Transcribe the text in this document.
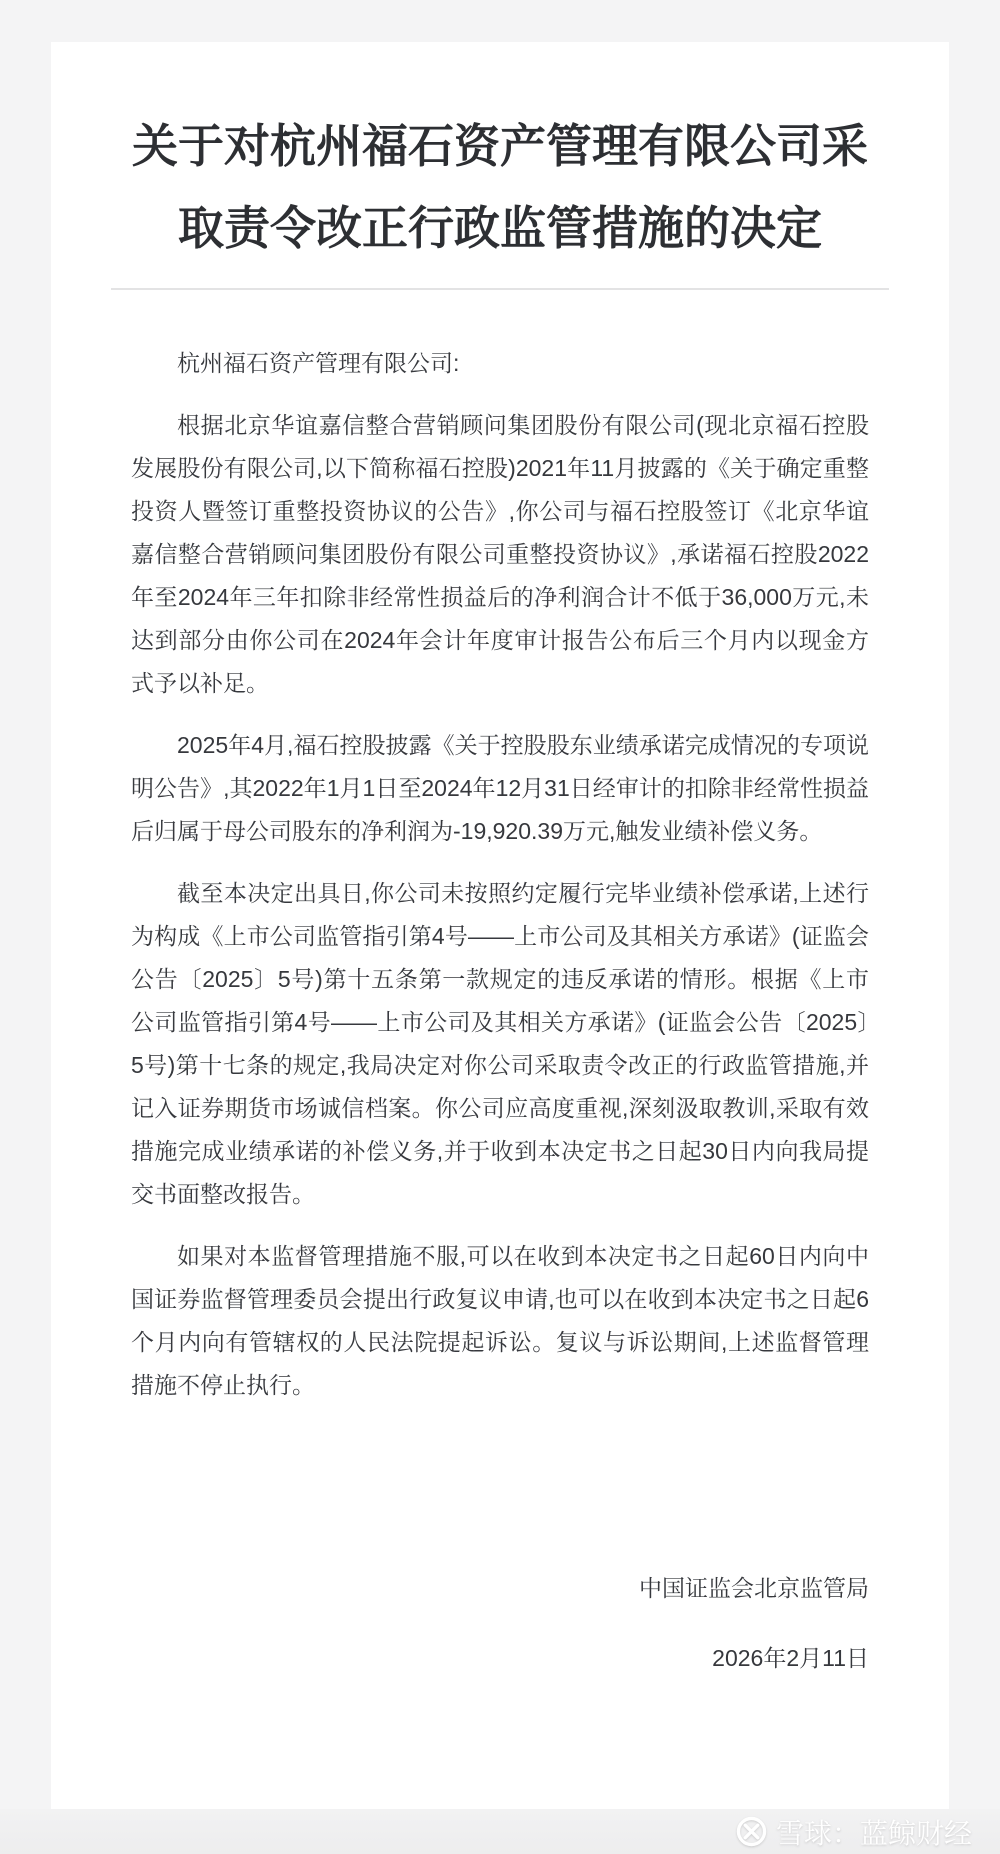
关于对杭州福石资产管理有限公司采取责令改正行政监管措施的决定

杭州福石资产管理有限公司:

根据北京华谊嘉信整合营销顾问集团股份有限公司(现北京福石控股发展股份有限公司,以下简称福石控股)2021年11月披露的《关于确定重整投资人暨签订重整投资协议的公告》,你公司与福石控股签订《北京华谊嘉信整合营销顾问集团股份有限公司重整投资协议》,承诺福石控股2022年至2024年三年扣除非经常性损益后的净利润合计不低于36,000万元,未达到部分由你公司在2024年会计年度审计报告公布后三个月内以现金方式予以补足。

2025年4月,福石控股披露《关于控股股东业绩承诺完成情况的专项说明公告》,其2022年1月1日至2024年12月31日经审计的扣除非经常性损益后归属于母公司股东的净利润为-19,920.39万元,触发业绩补偿义务。

截至本决定出具日,你公司未按照约定履行完毕业绩补偿承诺,上述行为构成《上市公司监管指引第4号——上市公司及其相关方承诺》(证监会公告〔2025〕5号)第十五条第一款规定的违反承诺的情形。根据《上市公司监管指引第4号——上市公司及其相关方承诺》(证监会公告〔2025〕5号)第十七条的规定,我局决定对你公司采取责令改正的行政监管措施,并记入证券期货市场诚信档案。你公司应高度重视,深刻汲取教训,采取有效措施完成业绩承诺的补偿义务,并于收到本决定书之日起30日内向我局提交书面整改报告。

如果对本监督管理措施不服,可以在收到本决定书之日起60日内向中国证券监督管理委员会提出行政复议申请,也可以在收到本决定书之日起6个月内向有管辖权的人民法院提起诉讼。复议与诉讼期间,上述监督管理措施不停止执行。

中国证监会北京监管局
2026年2月11日
雪球：蓝鲸财经
